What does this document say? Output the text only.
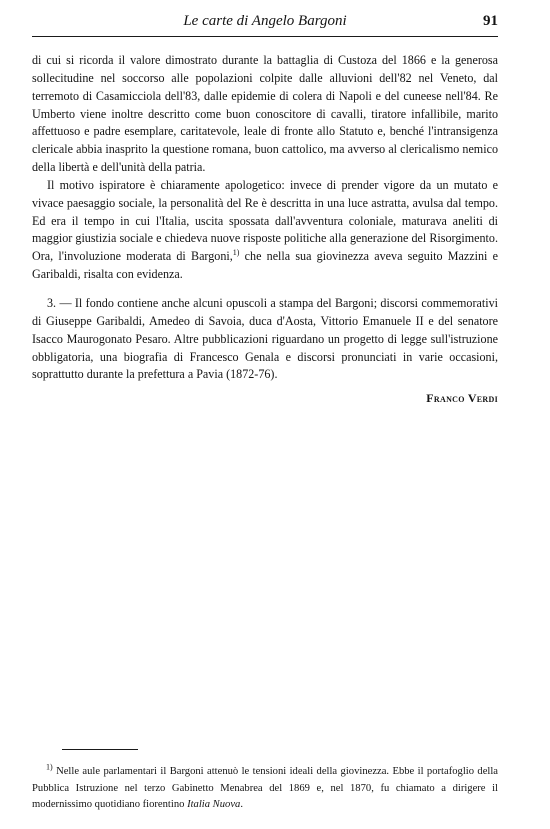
Le carte di Angelo Bargoni	91

di cui si ricorda il valore dimostrato durante la battaglia di Custoza del 1866 e la generosa sollecitudine nel soccorso alle popolazioni colpite dalle alluvioni dell'82 nel Veneto, dal terremoto di Casamicciola dell'83, dalle epidemie di colera di Napoli e del cuneese nell'84. Re Umberto viene inoltre descritto come buon conoscitore di cavalli, tiratore infallibile, marito affettuoso e padre esemplare, caritatevole, leale di fronte allo Statuto e, benché l'intransigenza clericale abbia inasprito la questione romana, buon cattolico, ma avverso al clericalismo nemico della libertà e dell'unità della patria.

Il motivo ispiratore è chiaramente apologetico: invece di prender vigore da un mutato e vivace paesaggio sociale, la personalità del Re è descritta in una luce astratta, avulsa dal tempo. Ed era il tempo in cui l'Italia, uscita spossata dall'avventura coloniale, maturava aneliti di maggior giustizia sociale e chiedeva nuove risposte politiche alla generazione del Risorgimento. Ora, l'involuzione moderata di Bargoni,$^{1)}$ che nella sua giovinezza aveva seguito Mazzini e Garibaldi, risalta con evidenza.

3. — Il fondo contiene anche alcuni opuscoli a stampa del Bargoni; discorsi commemorativi di Giuseppe Garibaldi, Amedeo di Savoia, duca d'Aosta, Vittorio Emanuele II e del senatore Isacco Maurogonato Pesaro. Altre pubblicazioni riguardano un progetto di legge sull'istruzione obbligatoria, una biografia di Francesco Genala e discorsi pronunciati in varie occasioni, soprattutto durante la prefettura a Pavia (1872-76).

Franco Verdi

$^{1)}$ Nelle aule parlamentari il Bargoni attenuò le tensioni ideali della giovinezza. Ebbe il portafoglio della Pubblica Istruzione nel terzo Gabinetto Menabrea del 1869 e, nel 1870, fu chiamato a dirigere il modernissimo quotidiano fiorentino Italia Nuova.
